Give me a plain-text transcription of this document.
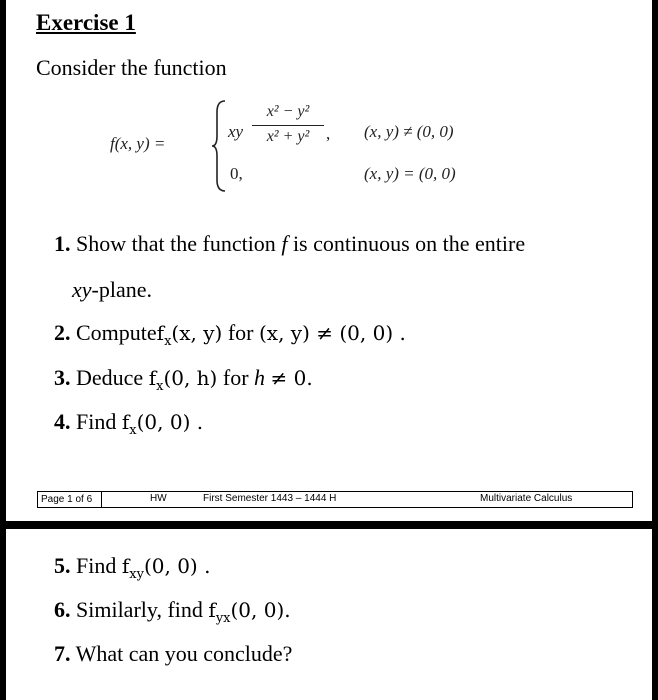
Exercise 1
Consider the function
f(x, y) =
xy
x² − y²
x² + y² ,
0,
(x, y) ≠ (0, 0)
(x, y) = (0, 0)
1. Show that the function f is continuous on the entire
xy-plane.
2. Computef$_x$(x, y) for (x, y) ≠ (0, 0) .
3. Deduce $f_x(0$, h) for h ≠ 0.
4. Find $f_x(0$, 0) .
Page 1 of 6	HW	First Semester 1443 – 1444 H	Multivariate Calculus
5. Find $f_{xy}(0$, 0) .
6. Similarly, find $f_{yx}(0$, 0).
7. What can you conclude?
